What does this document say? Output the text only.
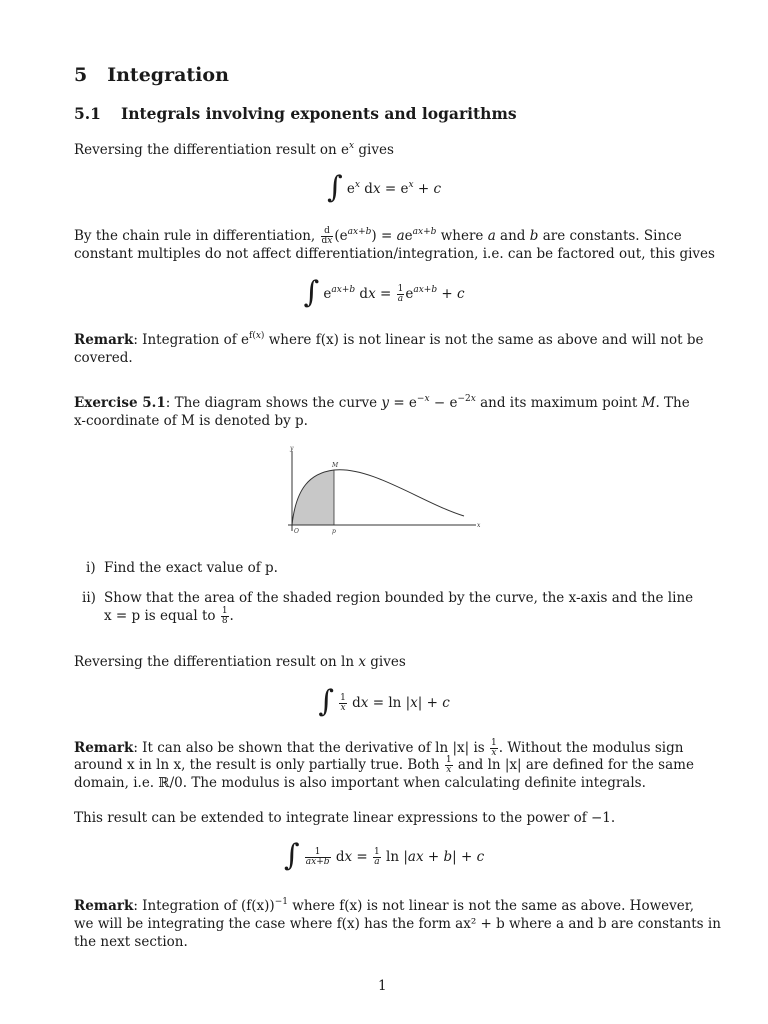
5 Integration
5.1 Integrals involving exponents and logarithms
Reversing the differentiation result on $e^x$ gives
∫ $e^x$ dx = $e^x + c$
By the chain rule in differentiation, $\frac{d}{dx} (e^{ax+b}) = ae^{ax+b}$ where a and b are constants. Since
constant multiples do not affect differentiation/integration, i.e. can be factored out, this gives
∫ $e^{ax+b}$ dx = $\frac{1}{a} e^{ax+b} + c$
Remark: Integration of $e^{f(x)}$ where f(x) is not linear is not the same as above and will not be
covered.
Exercise 5.1: The diagram shows the curve $y = e^{-x} - e^{-2x}$ and its maximum point M. The
x-coordinate of M is denoted by p.
y
x
M
O	p
i) Find the exact value of p.
ii) Show that the area of the shaded region bounded by the curve, the x-axis and the line
x = p is equal to $\frac{1}{8}$ .
Reversing the differentiation result on ln x gives
∫ $\frac{1}{x}$ dx = ln |x| + c
Remark: It can also be shown that the derivative of ln |x| is $\frac{1}{x}$ . Without the modulus sign
around x in ln x, the result is only partially true. Both $\frac{1}{x}$ and ln |x| are defined for the same
domain, i.e. ℝ/0. The modulus is also important when calculating definite integrals.
This result can be extended to integrate linear expressions to the power of −1.
∫ $\frac{1}{ax+b}$ dx = $\frac{1}{a}$ ln |ax + b| + c
Remark: Integration of $(f(x))^{-1}$ where f(x) is not linear is not the same as above. However,
we will be integrating the case where f(x) has the form ax² + b where a and b are constants in
the next section.
1
